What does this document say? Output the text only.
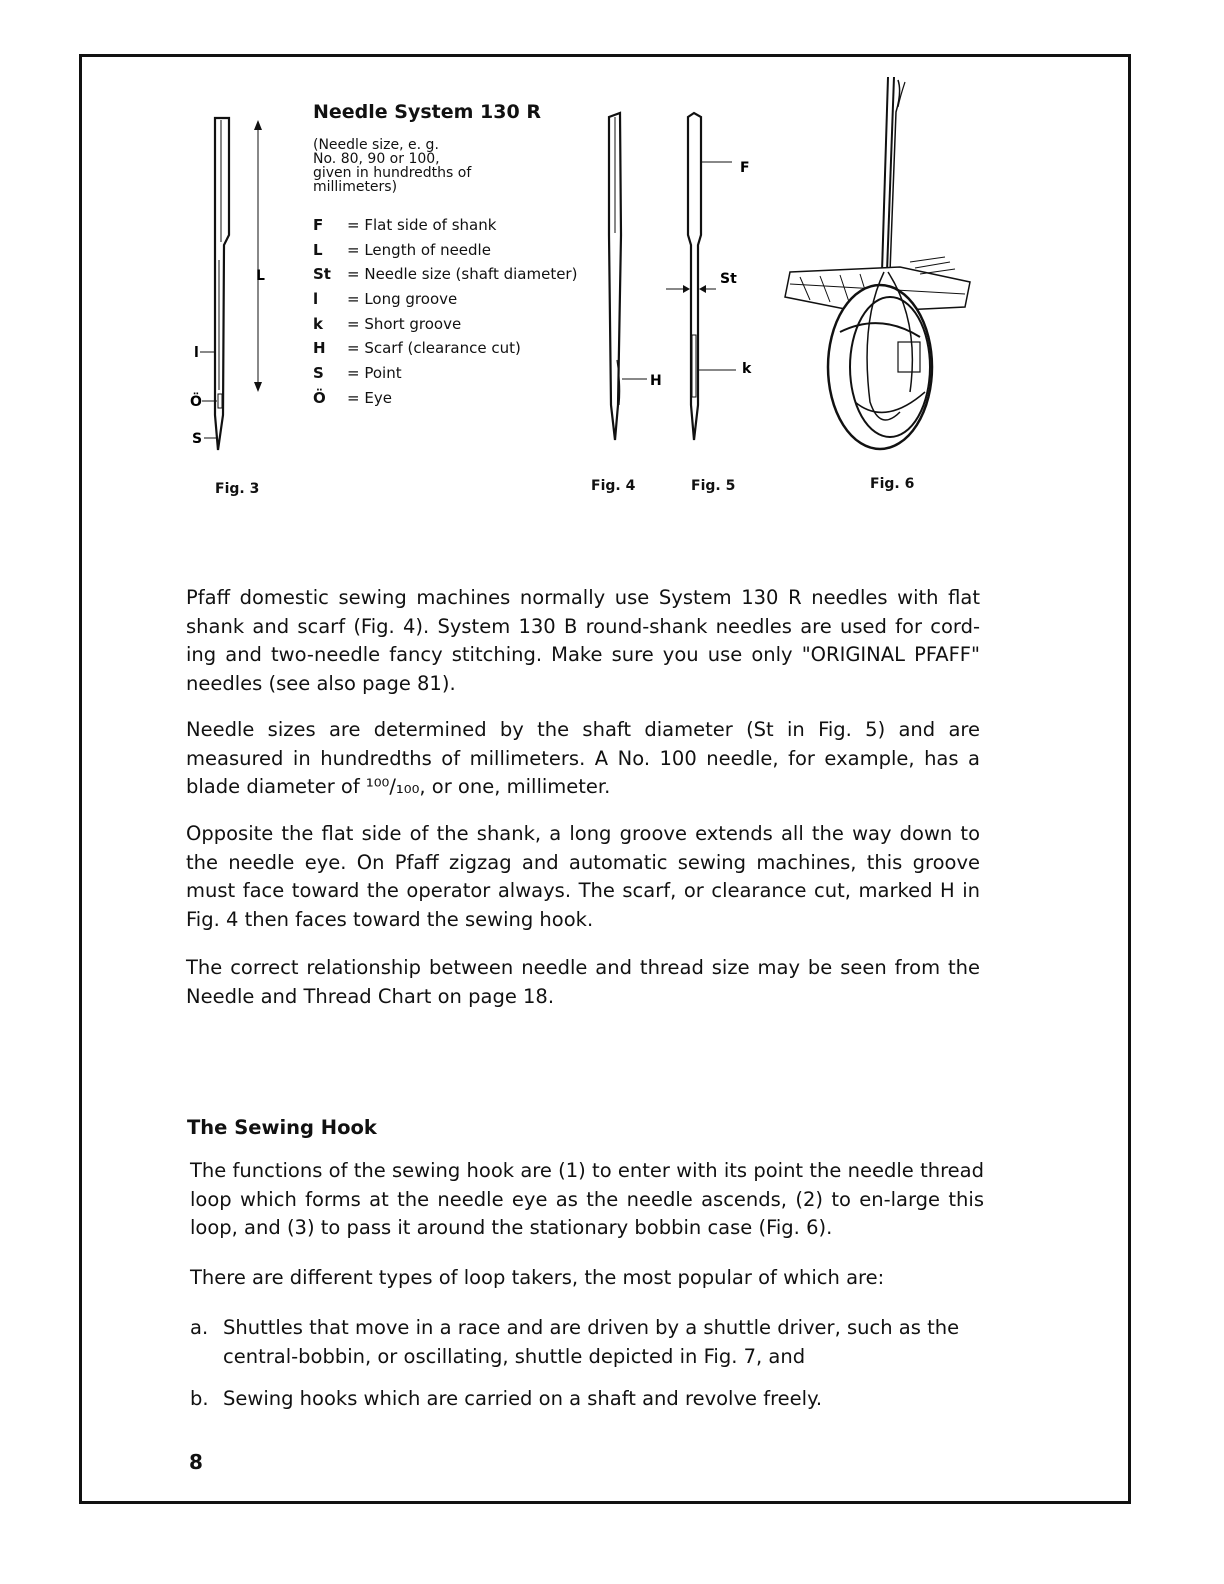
L
l
Ö
S
Fig. 3
Needle System 130 R
(Needle size, e. g.
No. 80, 90 or 100,
given in hundredths of
millimeters)
F = Flat side of shank
L = Length of needle
St = Needle size (shaft diameter)
l = Long groove
k = Short groove
H = Scarf (clearance cut)
S = Point
Ö = Eye
H
Fig. 4
F
St
k
Fig. 5	Fig. 6
Pfaff domestic sewing machines normally use System 130 R needles with flat shank and scarf (Fig. 4). System 130 B round-shank needles are used for cord-ing and two-needle fancy stitching. Make sure you use only "ORIGINAL PFAFF" needles (see also page 81).
Needle sizes are determined by the shaft diameter (St in Fig. 5) and are measured in hundredths of millimeters. A No. 100 needle, for example, has a blade diameter of ¹⁰⁰/₁₀₀, or one, millimeter.
Opposite the flat side of the shank, a long groove extends all the way down to the needle eye. On Pfaff zigzag and automatic sewing machines, this groove must face toward the operator always. The scarf, or clearance cut, marked H in Fig. 4 then faces toward the sewing hook.
The correct relationship between needle and thread size may be seen from the Needle and Thread Chart on page 18.
The Sewing Hook
The functions of the sewing hook are (1) to enter with its point the needle thread loop which forms at the needle eye as the needle ascends, (2) to en-large this loop, and (3) to pass it around the stationary bobbin case (Fig. 6).
There are different types of loop takers, the most popular of which are:
a. Shuttles that move in a race and are driven by a shuttle driver, such as the central-bobbin, or oscillating, shuttle depicted in Fig. 7, and
b. Sewing hooks which are carried on a shaft and revolve freely.
8
